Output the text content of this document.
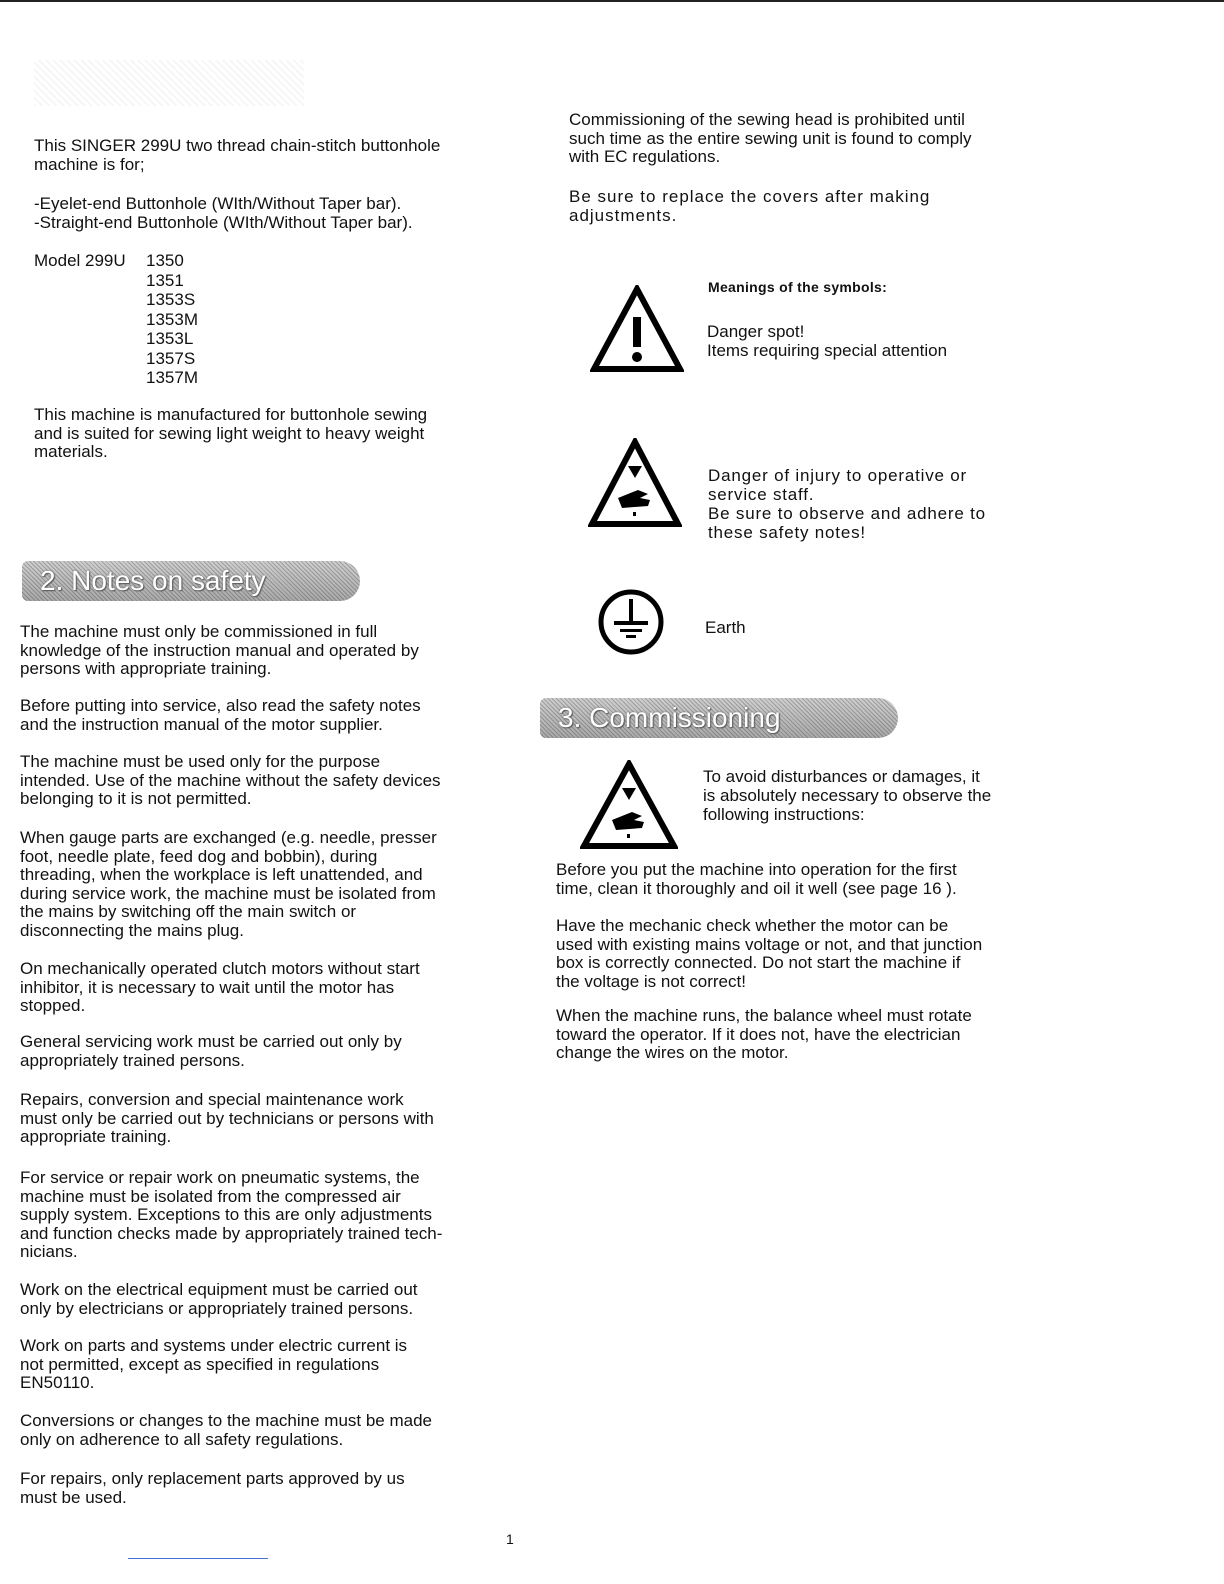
This SINGER 299U two thread chain-stitch buttonhole

machine is for;

-Eyelet-end Buttonhole (WIth/Without Taper bar).

-Straight-end Buttonhole (WIth/Without Taper bar).

Model 299U 1350
1351
1353S
1353M
1353L
1357S
1357M

This machine is manufactured for buttonhole sewing

and is suited for sewing light weight to heavy weight

materials.

2. Notes on safety

The machine must only be commissioned in full

knowledge of the instruction manual and operated by

persons with appropriate training.

Before putting into service, also read the safety notes

and the instruction manual of the motor supplier.

The machine must be used only for the purpose

intended. Use of the machine without the safety devices

belonging to it is not permitted.

When gauge parts are exchanged (e.g. needle, presser

foot, needle plate, feed dog and bobbin), during

threading, when the workplace is left unattended, and

during service work, the machine must be isolated from

the mains by switching off the main switch or

disconnecting the mains plug.

On mechanically operated clutch motors without start

inhibitor, it is necessary to wait until the motor has

stopped.

General servicing work must be carried out only by

appropriately trained persons.

Repairs, conversion and special maintenance work

must only be carried out by technicians or persons with

appropriate training.

For service or repair work on pneumatic systems, the

machine must be isolated from the compressed air

supply system. Exceptions to this are only adjustments

and function checks made by appropriately trained tech-

nicians.

Work on the electrical equipment must be carried out

only by electricians or appropriately trained persons.

Work on parts and systems under electric current is

not permitted, except as specified in regulations

EN50110.

Conversions or changes to the machine must be made

only on adherence to all safety regulations.

For repairs, only replacement parts approved by us

must be used.

Commissioning of the sewing head is prohibited until

such time as the entire sewing unit is found to comply

with EC regulations.

Be sure to replace the covers after making

adjustments.

Meanings of the symbols:

Danger spot!

Items requiring special attention

Danger of injury to operative or

service staff.

Be sure to observe and adhere to

these safety notes!

Earth

3. Commissioning

To avoid disturbances or damages, it

is absolutely necessary to observe the

following instructions:

Before you put the machine into operation for the first

time, clean it thoroughly and oil it well (see page 16 ).

Have the mechanic check whether the motor can be

used with existing mains voltage or not, and that junction

box is correctly connected. Do not start the machine if

the voltage is not correct!

When the machine runs, the balance wheel must rotate

toward the operator. If it does not, have the electrician

change the wires on the motor.

1
